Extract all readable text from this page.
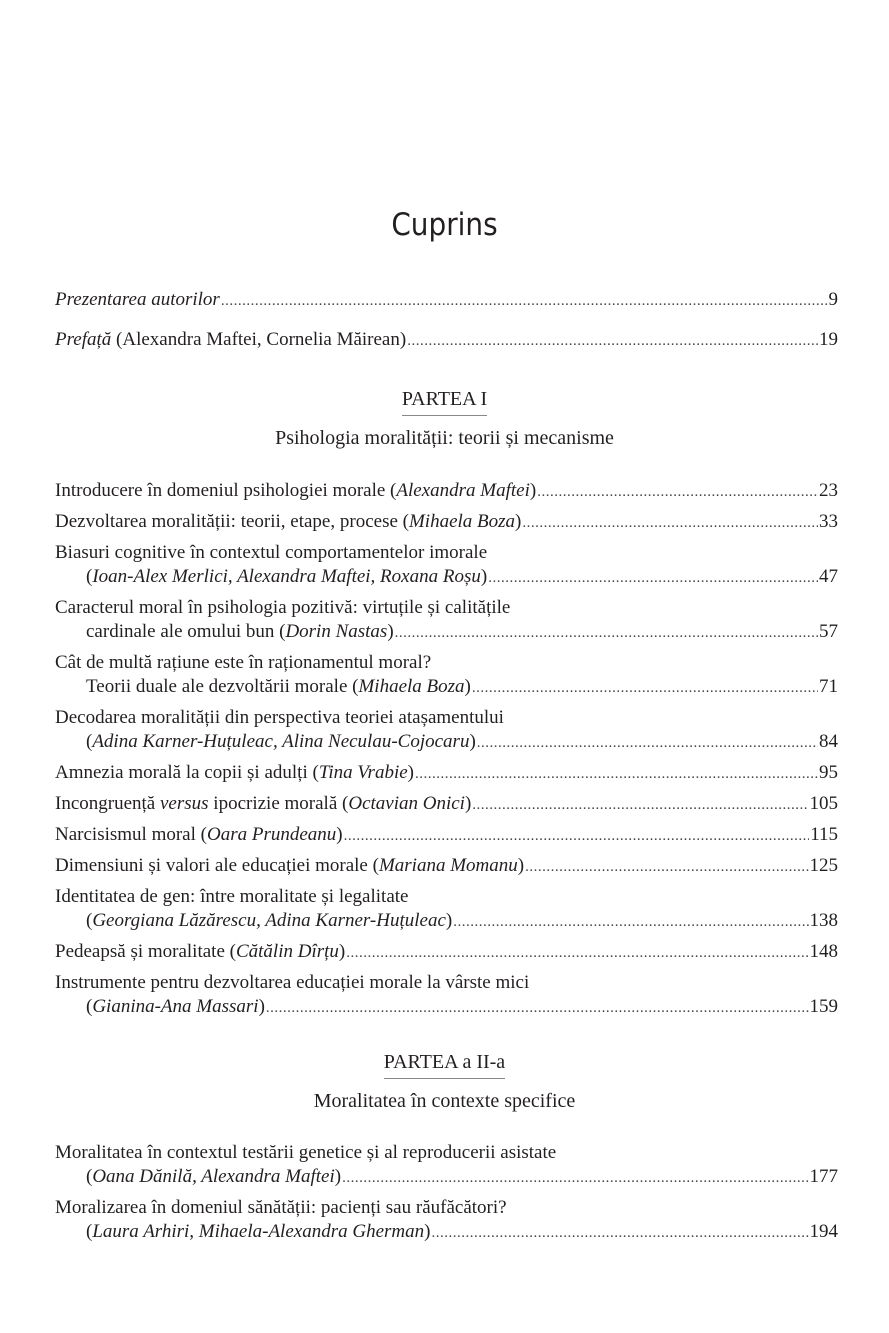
Cuprins
Prezentarea autorilor .....	9
Prefață (Alexandra Maftei, Cornelia Măirean) .....	19
PARTEA I
Psihologia moralității: teorii și mecanisme
Introducere în domeniul psihologiei morale (Alexandra Maftei) .....	23
Dezvoltarea moralității: teorii, etape, procese (Mihaela Boza) .....	33
Biasuri cognitive în contextul comportamentelor imorale
(Ioan-Alex Merlici, Alexandra Maftei, Roxana Roșu) .....	47
Caracterul moral în psihologia pozitivă: virtuțile și calitățile
cardinale ale omului bun (Dorin Nastas) .....	57
Cât de multă rațiune este în raționamentul moral?
Teorii duale ale dezvoltării morale (Mihaela Boza) .....	71
Decodarea moralității din perspectiva teoriei atașamentului
(Adina Karner-Huțuleac, Alina Neculau-Cojocaru) .....	84
Amnezia morală la copii și adulți (Tina Vrabie) .....	95
Incongruență versus ipocrizie morală (Octavian Onici) .....	105
Narcisismul moral (Oara Prundeanu) .....	115
Dimensiuni și valori ale educației morale (Mariana Momanu) .....	125
Identitatea de gen: între moralitate și legalitate
(Georgiana Lăzărescu, Adina Karner-Huțuleac) .....	138
Pedeapsă și moralitate (Cătălin Dîrțu) .....	148
Instrumente pentru dezvoltarea educației morale la vârste mici
(Gianina-Ana Massari) .....	159
PARTEA a II-a
Moralitatea în contexte specifice
Moralitatea în contextul testării genetice și al reproducerii asistate
(Oana Dănilă, Alexandra Maftei) .....	177
Moralizarea în domeniul sănătății: pacienți sau răufăcători?
(Laura Arhiri, Mihaela-Alexandra Gherman) .....	194
